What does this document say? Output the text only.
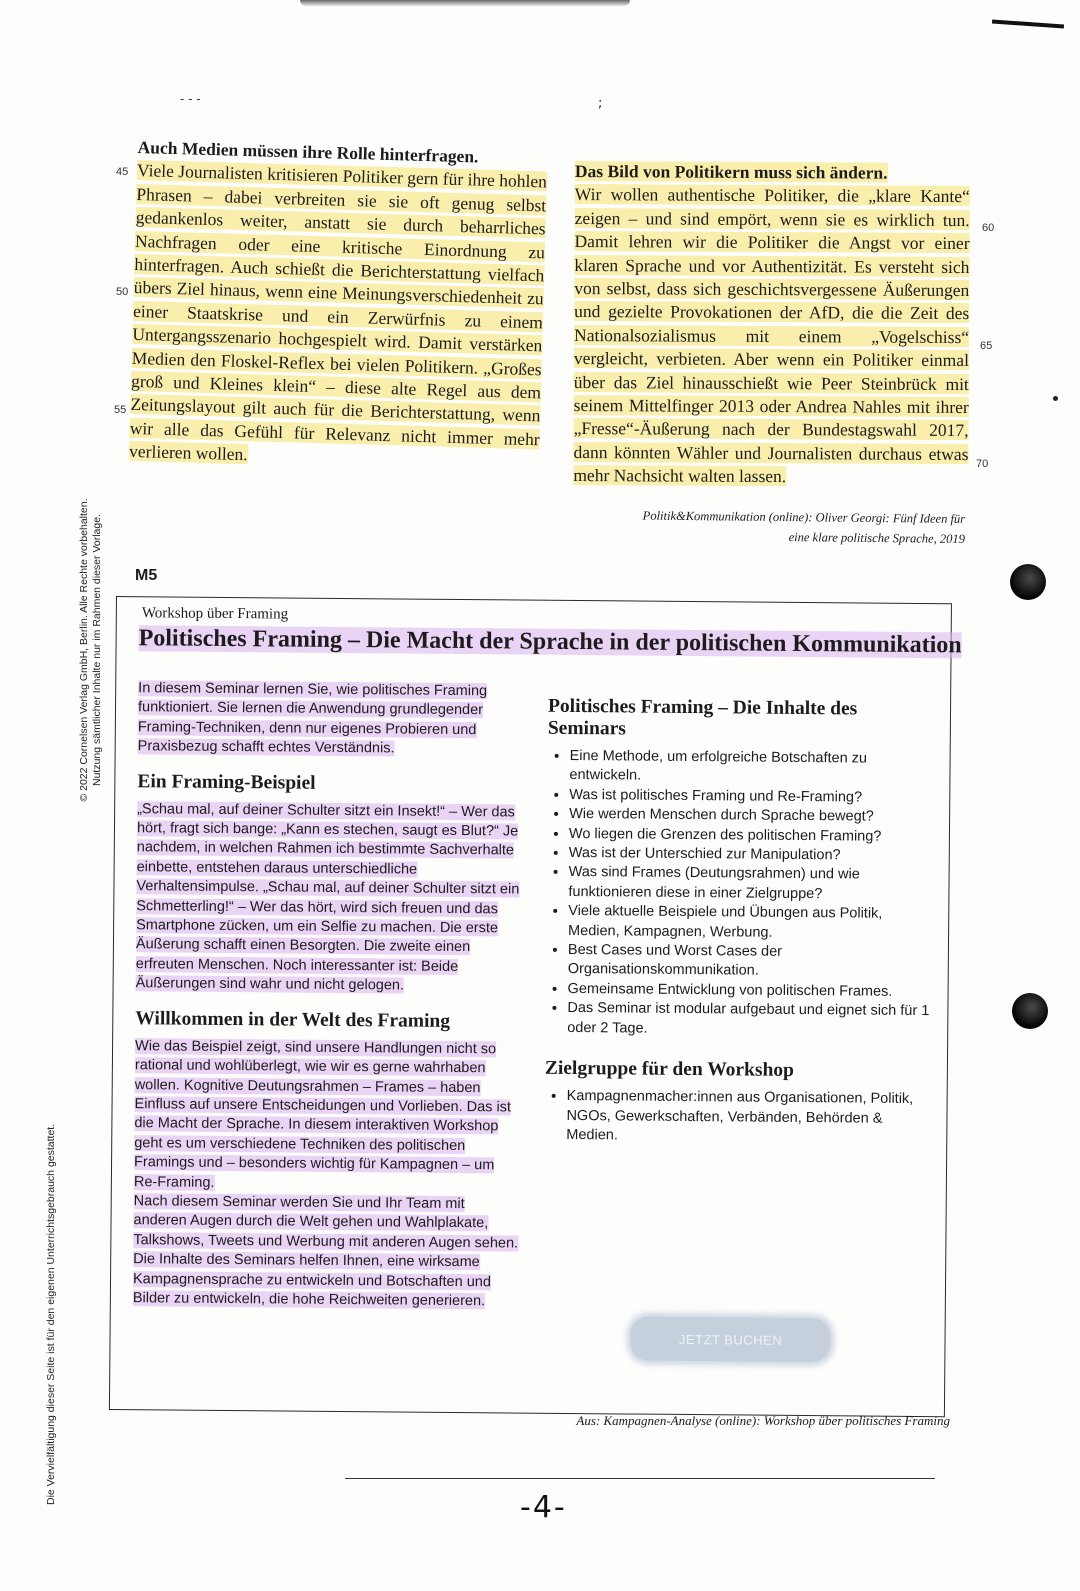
- - -	;

Auch Medien müssen ihre Rolle hinterfragen.

Viele Journalisten kritisieren Politiker gern für ihre hohlen Phrasen – dabei verbreiten sie sie oft genug selbst gedankenlos weiter, anstatt sie durch beharrliches Nachfragen oder eine kritische Einordnung zu hinterfragen. Auch schießt die Berichterstattung vielfach übers Ziel hinaus, wenn eine Meinungsverschiedenheit zu einer Staatskrise und ein Zerwürfnis zu einem Untergangsszenario hochgespielt wird. Damit verstärken Medien den Floskel-Reflex bei vielen Politikern. „Großes groß und Kleines klein“ – diese alte Regel aus dem Zeitungslayout gilt auch für die Berichterstattung, wenn wir alle das Gefühl für Relevanz nicht immer mehr verlieren wollen.

45
50
55

Das Bild von Politikern muss sich ändern.

Wir wollen authentische Politiker, die „klare Kante“ zeigen – und sind empört, wenn sie es wirklich tun. Damit lehren wir die Politiker die Angst vor einer klaren Sprache und vor Authentizität. Es versteht sich von selbst, dass sich geschichtsvergessene Äußerungen und gezielte Provokationen der AfD, die die Zeit des Nationalsozialismus mit einem „Vogelschiss“ vergleicht, verbieten. Aber wenn ein Politiker einmal über das Ziel hinausschießt wie Peer Steinbrück mit seinem Mittelfinger 2013 oder Andrea Nahles mit ihrer „Fresse“-Äußerung nach der Bundestagswahl 2017, dann könnten Wähler und Journalisten durchaus etwas mehr Nachsicht walten lassen.

60
65
70
Politik&Kommunikation (online): Oliver Georgi: Fünf Ideen für
eine klare politische Sprache, 2019
M5
Workshop über Framing
Politisches Framing – Die Macht der Sprache in der politischen Kommunikation

In diesem Seminar lernen Sie, wie politisches Framing funktioniert. Sie lernen die Anwendung grundlegender Framing-Techniken, denn nur eigenes Probieren und Praxisbezug schafft echtes Verständnis.

Ein Framing-Beispiel

„Schau mal, auf deiner Schulter sitzt ein Insekt!“ – Wer das hört, fragt sich bange: „Kann es stechen, saugt es Blut?“ Je nachdem, in welchen Rahmen ich bestimmte Sachverhalte einbette, entstehen daraus unterschiedliche Verhaltensimpulse. „Schau mal, auf deiner Schulter sitzt ein Schmetterling!“ – Wer das hört, wird sich freuen und das Smartphone zücken, um ein Selfie zu machen. Die erste Äußerung schafft einen Besorgten. Die zweite einen erfreuten Menschen. Noch interessanter ist: Beide Äußerungen sind wahr und nicht gelogen.

Willkommen in der Welt des Framing

Wie das Beispiel zeigt, sind unsere Handlungen nicht so rational und wohlüberlegt, wie wir es gerne wahrhaben wollen. Kognitive Deutungsrahmen – Frames – haben Einfluss auf unsere Entscheidungen und Vorlieben. Das ist die Macht der Sprache. In diesem interaktiven Workshop geht es um verschiedene Techniken des politischen Framings und – besonders wichtig für Kampagnen – um Re-Framing.

Nach diesem Seminar werden Sie und Ihr Team mit anderen Augen durch die Welt gehen und Wahlplakate, Talkshows, Tweets und Werbung mit anderen Augen sehen. Die Inhalte des Seminars helfen Ihnen, eine wirksame Kampagnensprache zu entwickeln und Botschaften und Bilder zu entwickeln, die hohe Reichweiten generieren.

Politisches Framing – Die Inhalte des Seminars
• Eine Methode, um erfolgreiche Botschaften zu entwickeln.
• Was ist politisches Framing und Re-Framing?
• Wie werden Menschen durch Sprache bewegt?
• Wo liegen die Grenzen des politischen Framing?
• Was ist der Unterschied zur Manipulation?
• Was sind Frames (Deutungsrahmen) und wie funktionieren diese in einer Zielgruppe?
• Viele aktuelle Beispiele und Übungen aus Politik, Medien, Kampagnen, Werbung.
• Best Cases und Worst Cases der Organisationskommunikation.
• Gemeinsame Entwicklung von politischen Frames.
• Das Seminar ist modular aufgebaut und eignet sich für 1 oder 2 Tage.
Zielgruppe für den Workshop
• Kampagnenmacher:innen aus Organisationen, Politik, NGOs, Gewerkschaften, Verbänden, Behörden & Medien.
JETZT BUCHEN
Aus: Kampagnen-Analyse (online): Workshop über politisches Framing
© 2022 Cornelsen Verlag GmbH, Berlin. Alle Rechte vorbehalten. Nutzung sämtlicher Inhalte nur im Rahmen dieser Vorlage.
Die Vervielfältigung dieser Seite ist für den eigenen Unterrichtsgebrauch gestattet.
-4-
